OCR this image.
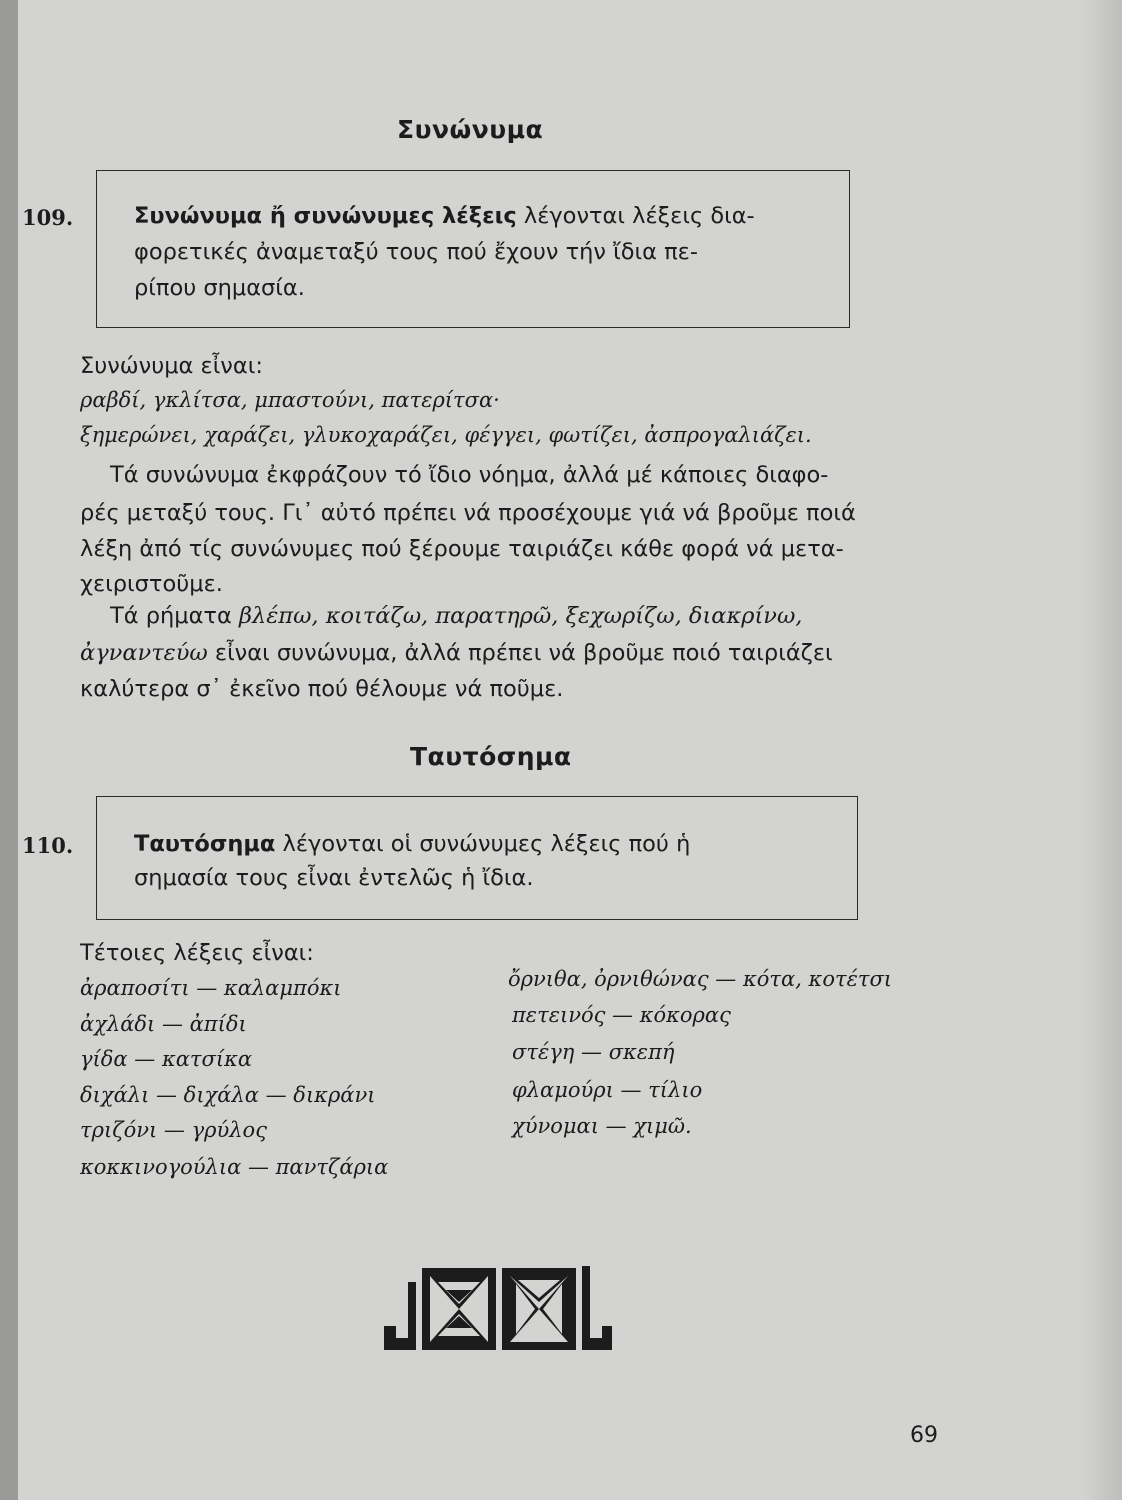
Συνώνυμα
109.	Συνώνυμα ἤ συνώνυμες λέξεις λέγονται λέξεις δια-
φορετικές ἀναμεταξύ τους πού ἔχουν τήν ἴδια πε-
ρίπου σημασία.
Συνώνυμα εἶναι:
ραβδί, γκλίτσα, μπαστούνι, πατερίτσα·
ξημερώνει, χαράζει, γλυκοχαράζει, φέγγει, φωτίζει, ἀσπρογαλιάζει.
Τά συνώνυμα ἐκφράζουν τό ἴδιο νόημα, ἀλλά μέ κάποιες διαφο-
ρές μεταξύ τους. Γι᾽ αὐτό πρέπει νά προσέχουμε γιά νά βροῦμε ποιά
λέξη ἀπό τίς συνώνυμες πού ξέρουμε ταιριάζει κάθε φορά νά μετα-
χειριστοῦμε.
Τά ρήματα βλέπω, κοιτάζω, παρατηρῶ, ξεχωρίζω, διακρίνω,
ἀγναντεύω εἶναι συνώνυμα, ἀλλά πρέπει νά βροῦμε ποιό ταιριάζει
καλύτερα σ᾽ ἐκεῖνο πού θέλουμε νά ποῦμε.
Ταυτόσημα
110.	Ταυτόσημα λέγονται οἱ συνώνυμες λέξεις πού ἡ
σημασία τους εἶναι ἐντελῶς ἡ ἴδια.
Τέτοιες λέξεις εἶναι:
ἀραποσίτι — καλαμπόκι
ἀχλάδι — ἀπίδι
γίδα — κατσίκα
διχάλι — διχάλα — δικράνι
τριζόνι — γρύλος
κοκκινογούλια — παντζάρια
ὄρνιθα, ὀρνιθώνας — κότα, κοτέτσι
πετεινός — κόκορας
στέγη — σκεπή
φλαμούρι — τίλιο
χύνομαι — χιμῶ.
69
